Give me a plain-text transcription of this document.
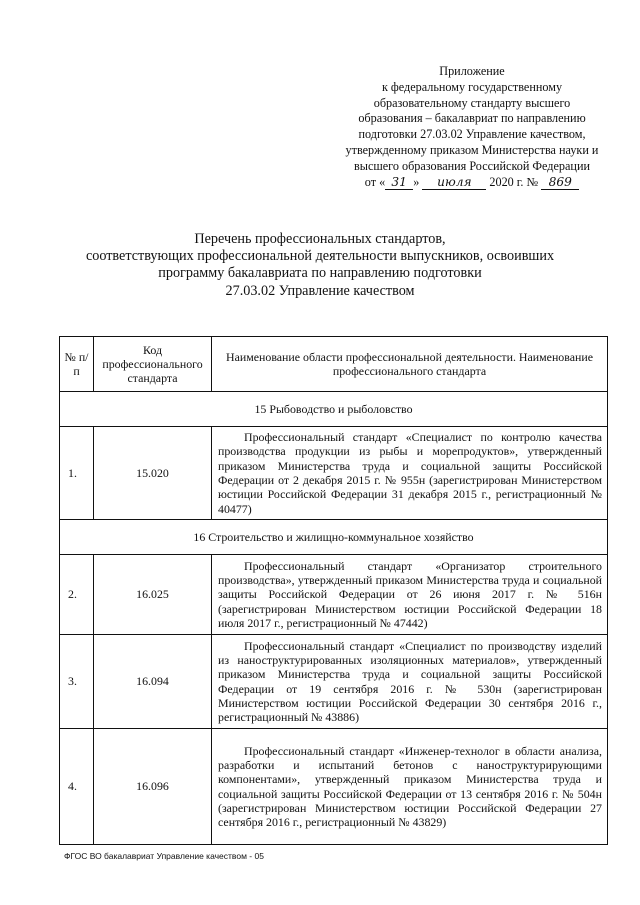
Приложение
к федеральному государственному
образовательному стандарту высшего
образования – бакалавриат по направлению
подготовки 27.03.02 Управление качеством,
утвержденному приказом Министерства науки и
высшего образования Российской Федерации
от « 31 » июля 2020 г. № 869
Перечень профессиональных стандартов,
соответствующих профессиональной деятельности выпускников, освоивших
программу бакалавриата по направлению подготовки
27.03.02 Управление качеством
№ п/п	Код профессионального стандарта	Наименование области профессиональной деятельности. Наименование профессионального стандарта
15 Рыбоводство и рыболовство		
1.	15.020	Профессиональный стандарт «Специалист по контролю качества производства продукции из рыбы и морепродуктов», утвержденный приказом Министерства труда и социальной защиты Российской Федерации от 2 декабря 2015 г. № 955н (зарегистрирован Министерством юстиции Российской Федерации 31 декабря 2015 г., регистрационный № 40477)
16 Строительство и жилищно-коммунальное хозяйство		
2.	16.025	Профессиональный стандарт «Организатор строительного производства», утвержденный приказом Министерства труда и социальной защиты Российской Федерации от 26 июня 2017 г. № 516н (зарегистрирован Министерством юстиции Российской Федерации 18 июля 2017 г., регистрационный № 47442)
3.	16.094	Профессиональный стандарт «Специалист по производству изделий из наноструктурированных изоляционных материалов», утвержденный приказом Министерства труда и социальной защиты Российской Федерации от 19 сентября 2016 г. № 530н (зарегистрирован Министерством юстиции Российской Федерации 30 сентября 2016 г., регистрационный № 43886)
4.	16.096	Профессиональный стандарт «Инженер-технолог в области анализа, разработки и испытаний бетонов с наноструктурирующими компонентами», утвержденный приказом Министерства труда и социальной защиты Российской Федерации от 13 сентября 2016 г. № 504н (зарегистрирован Министерством юстиции Российской Федерации 27 сентября 2016 г., регистрационный № 43829)
ФГОС ВО бакалавриат Управление качеством - 05
